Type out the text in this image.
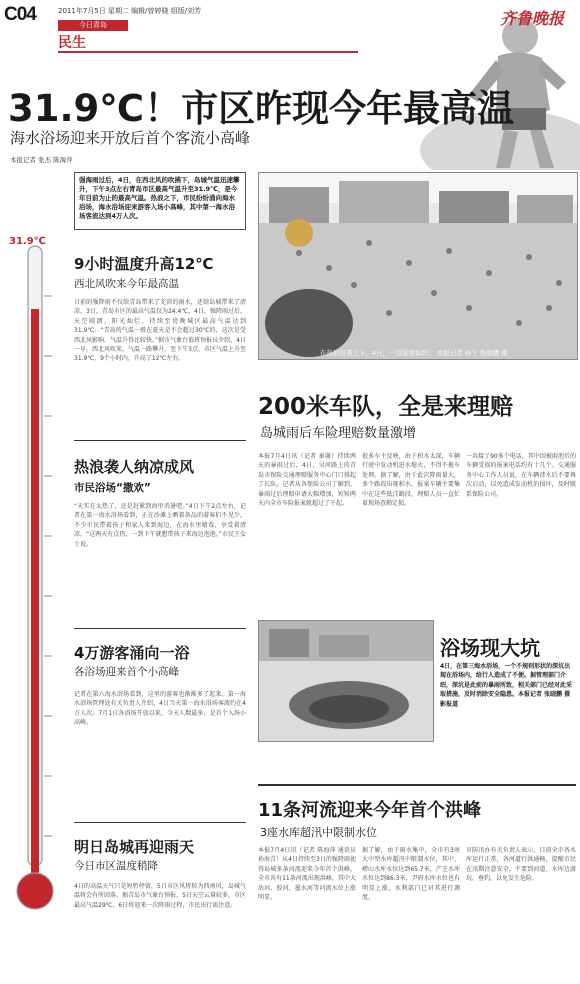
C04	2011年7月5日 星期二 编辑/曾婷晓 组版/刘芳
今日青岛
民生
齐鲁晚报
31.9℃！市区昨现今年最高温
海水浴场迎来开放后首个客流小高峰
本报记者 张杰 陈海萍
强海雨过后，4日，在西北风的吹拂下，岛城气温迅速攀升，下午3点左右青岛市区最高气温升至31.9℃，是今年目前为止的最高气温。热浪之下，市民纷纷涌向海水浴场，海水浴场迎来游客入场小高峰，其中第一海水浴场客流达到4万人次。
31.9℃
9小时温度升高12℃
西北风吹来今年最高温
日前的强降雨不仅给青岛带来了充沛的雨水，还给岛城带来了清凉，3日，青岛市区的最高气温仅为24.4℃，4日，强降雨过后，天空晴朗，阳光灿烂，持续至傍晚城区最高气温达到31.9℃。“青岛的气温一般在夏天是不会超过30℃的，这次是受西北风影响，气温升得比较快。”据市气象台值班预报员介绍，4日一早，西北风吹来，气温一路攀升，至下午3点，市区气温上升至31.9℃，9个小时内，升高了12℃左右。
热浪袭人纳凉成风
市民浴场“撒欢”
“天实在太热了，还是赶紧到海里消暑吧。”4日下午2点左右，记者在第一海水浴场看到，正在沙滩上晒着备品的游客们不见少，不少市民带着孩子和家人来到海边，在海水里嬉戏，享受着清凉。“这两天有点热，一到下午就想带孩子来海边泡泡。”市民王女士说。
4万游客涌向一浴
各浴场迎来首个小高峰
记者在第六海水浴场看到，这里的游客也渐渐多了起来。第一海水浴场管理处有关负责人介绍，4日当天第一海水浴场客流约在4万人次。7月1日各浴场开放以来，今天人数最多，是首个入场小高峰。
明日岛城再迎雨天
今日市区温度稍降
4日的高温天气只是短暂停留，5日市区风将转为西南风，岛城气温将会有所回落。据青岛市气象台预报，5日天空云量较多，市区最高气温29℃。6日将迎来一次降雨过程，市民出行需注意。
在热浪侵袭之下，4日，一浴游客如织。 本报记者 杨宁 张晓鹏 摄
200米车队，全是来理赔
岛城雨后车险理赔数量激增
本报7月4日讯（记者 秦谢）持续两天的暴雨过后，4日，吴河路上的青岛市保险交通理赔服务中心门口排起了长队，记者从各保险公司了解到，暴雨过后理赔申请大幅增加，短短两天内全市车险报案就超过了千起。
很多车主反映，由于积水太深，车辆行驶中发动机进水熄火，不得不拖车处理。据了解，由于此次降雨量大，多个路段出现积水，报案车辆主要集中在这些低洼路段，理赔人员一直忙着现场查勘定损。
一共接了90多个电话，其中因被雨泡后的车辆受损的报案电话约有十几个。交通服务中心工作人员说，在车辆涉水后不要再次启动，以免造成发动机的损坏，及时联系保险公司。
浴场现大坑
4日，在第三海水浴场，一个不规则形状的深坑出现在浴场内，给行人造成了不便。据管理部门介绍，深坑是此前的暴雨所致，相关部门已经对此采取措施，及时消除安全隐患。本报记者 张晓鹏 摄影报道
11条河流迎来今年首个洪峰
3座水库超汛中限制水位
本报7月4日讯（记者 陈海萍 通讯员 孙海青）从4日持续至3日的强降雨使得岛城多条河流迎来今年首个洪峰，全市共有11条河流出现洪峰，其中大沽河、胶河、墨水河等河流水位上涨明显。
据了解，由于雨水集中，全市有3座大中型水库超汛中限制水位，其中，崂山水库水位达到65.7米，产芝水库水位达到86.3米，尹府水库水位也有明显上涨，水利部门已对其进行调度。
市防汛办有关负责人表示，目前全市各水库运行正常，各河道行洪通畅，提醒市民在汛期注意安全，不要到河道、水库边游玩、垂钓，以免发生危险。
